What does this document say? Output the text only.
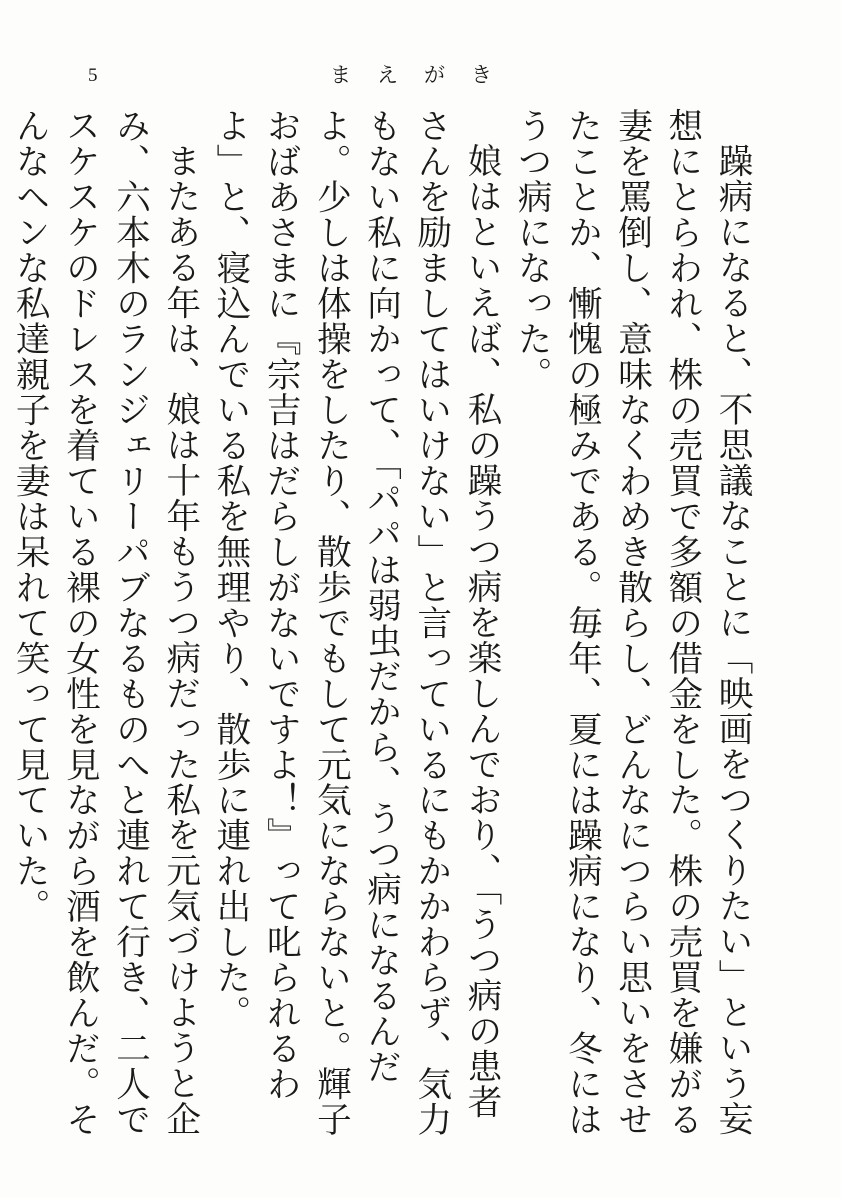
5	まえがき

躁病になると、不思議なことに「映画をつくりたい」という妄想にとらわれ、株の売買で多額の借金をした。株の売買を嫌がる妻を罵倒し、意味なくわめき散らし、どんなにつらい思いをさせたことか、慚愧の極みである。毎年、夏には躁病になり、冬にはうつ病になった。

娘はといえば、私の躁うつ病を楽しんでおり、「うつ病の患者さんを励ましてはいけない」と言っているにもかかわらず、気力もない私に向かって、「パパは弱虫だから、うつ病になるんだよ。少しは体操をしたり、散歩でもして元気にならないと。輝子おばあさまに『宗吉はだらしがないですよ！』って叱られるわよ」と、寝込んでいる私を無理やり、散歩に連れ出した。

またある年は、娘は十年もうつ病だった私を元気づけようと企み、六本木のランジェリーパブなるものへと連れて行き、二人でスケスケのドレスを着ている裸の女性を見ながら酒を飲んだ。そんなヘンな私達親子を妻は呆れて笑って見ていた。
